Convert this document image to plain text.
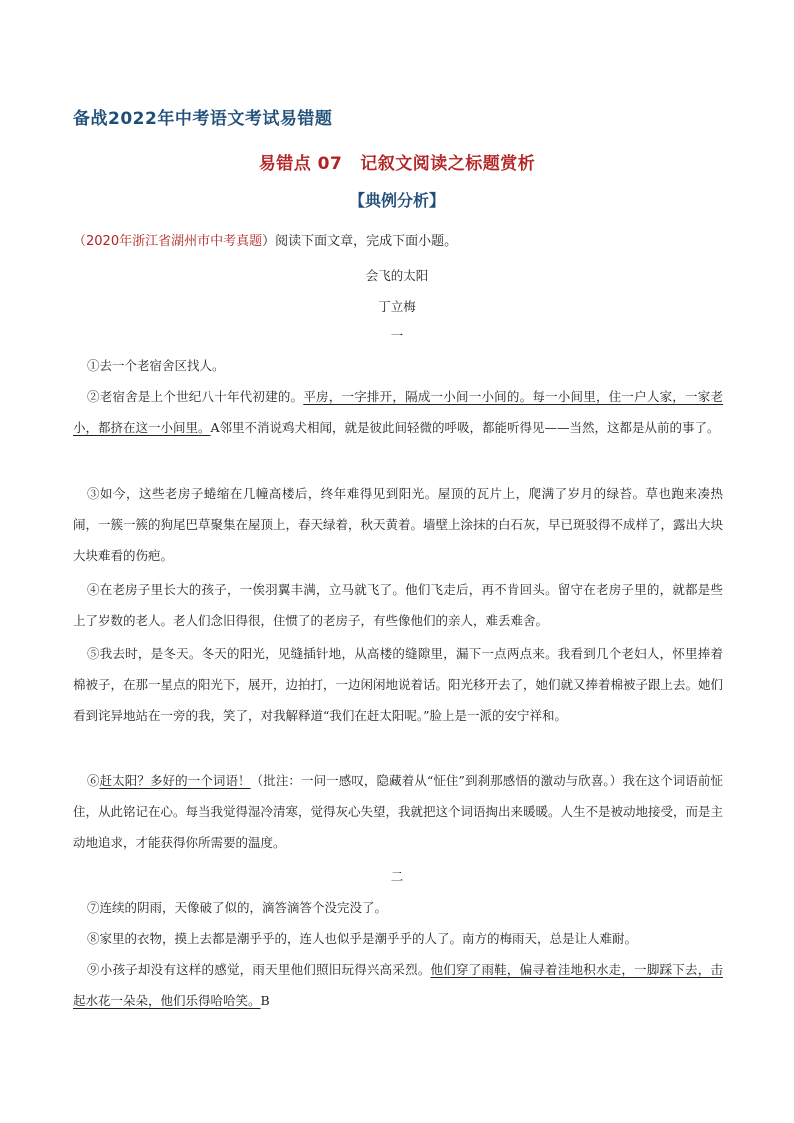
备战2022年中考语文考试易错题
易错点 07 记叙文阅读之标题赏析
【典例分析】
（2020年浙江省湖州市中考真题）阅读下面文章，完成下面小题。
会飞的太阳
丁立梅
一

①去一个老宿舍区找人。

②老宿舍是上个世纪八十年代初建的。平房，一字排开，隔成一小间一小间的。每一小间里，住一户人家，一家老小，都挤在这一小间里。A邻里不消说鸡犬相闻，就是彼此间轻微的呼吸，都能听得见——当然，这都是从前的事了。

③如今，这些老房子蜷缩在几幢高楼后，终年难得见到阳光。屋顶的瓦片上，爬满了岁月的绿苔。草也跑来凑热闹，一簇一簇的狗尾巴草聚集在屋顶上，春天绿着，秋天黄着。墙壁上涂抹的白石灰，早已斑驳得不成样了，露出大块大块难看的伤疤。

④在老房子里长大的孩子，一俟羽翼丰满，立马就飞了。他们飞走后，再不肯回头。留守在老房子里的，就都是些上了岁数的老人。老人们念旧得很，住惯了的老房子，有些像他们的亲人，难丢难舍。

⑤我去时，是冬天。冬天的阳光，见缝插针地，从高楼的缝隙里，漏下一点两点来。我看到几个老妇人，怀里捧着棉被子，在那一星点的阳光下，展开，边拍打，一边闲闲地说着话。阳光移开去了，她们就又捧着棉被子跟上去。她们看到诧异地站在一旁的我，笑了，对我解释道“我们在赶太阳呢。”脸上是一派的安宁祥和。

⑥赶太阳？多好的一个词语！（批注：一问一感叹，隐藏着从“怔住”到刹那感悟的激动与欣喜。）我在这个词语前怔住，从此铭记在心。每当我觉得湿冷清寒，觉得灰心失望，我就把这个词语掏出来暖暖。人生不是被动地接受，而是主动地追求，才能获得你所需要的温度。

二

⑦连续的阴雨，天像破了似的，滴答滴答个没完没了。

⑧家里的衣物，摸上去都是潮乎乎的，连人也似乎是潮乎乎的人了。南方的梅雨天，总是让人难耐。

⑨小孩子却没有这样的感觉，雨天里他们照旧玩得兴高采烈。他们穿了雨鞋，偏寻着洼地积水走，一脚踩下去，击起水花一朵朵，他们乐得哈哈笑。B
